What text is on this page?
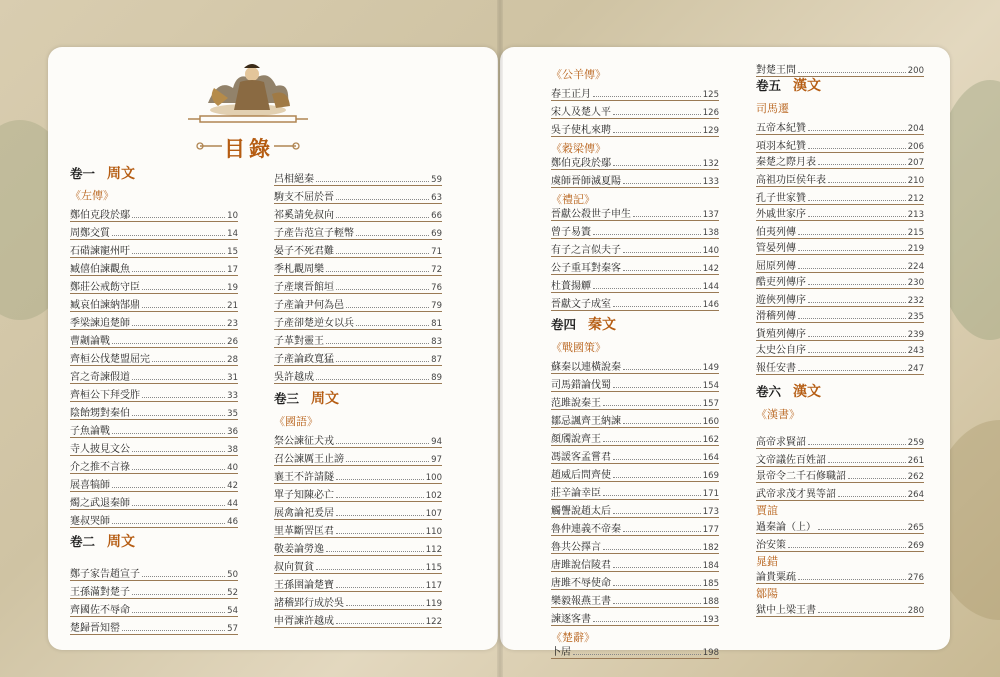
目錄
卷一 周文
《左傳》
鄭伯克段於鄢	10
周鄭交質	14
石碏諫寵州吁	15
臧僖伯諫觀魚	17
鄭莊公戒飭守臣	19
臧哀伯諫納郜鼎	21
季梁諫追楚師	23
曹劌論戰	26
齊桓公伐楚盟屈完	28
宮之奇諫假道	31
齊桓公下拜受胙	33
陰飴甥對秦伯	35
子魚論戰	36
寺人披見文公	38
介之推不言祿	40
展喜犒師	42
燭之武退秦師	44
蹇叔哭師	46
卷二 周文
鄭子家告趙宣子	50
王孫滿對楚子	52
齊國佐不辱命	54
楚歸晉知罃	57
呂相絕秦	59
駒支不屈於晉	63
祁奚請免叔向	66
子產告范宣子輕幣	69
晏子不死君難	71
季札觀周樂	72
子產壞晉館垣	76
子產論尹何為邑	79
子產卻楚逆女以兵	81
子革對靈王	83
子產論政寬猛	87
吳許越成	89
卷三 周文
《國語》
祭公諫征犬戎	94
召公諫厲王止謗	97
襄王不許請隧	100
單子知陳必亡	102
展禽論祀爰居	107
里革斷罟匡君	110
敬姜論勞逸	112
叔向賀貧	115
王孫圉論楚寶	117
諸稽郢行成於吳	119
申胥諫許越成	122
《公羊傳》
春王正月	125
宋人及楚人平	126
吳子使札來聘	129
《穀梁傳》
鄭伯克段於鄢	132
虞師晉師滅夏陽	133
《禮記》
晉獻公殺世子申生	137
曾子易簀	138
有子之言似夫子	140
公子重耳對秦客	142
杜蕢揚觶	144
晉獻文子成室	146
卷四 秦文
《戰國策》
蘇秦以連橫說秦	149
司馬錯論伐蜀	154
范雎說秦王	157
鄒忌諷齊王納諫	160
顏斶說齊王	162
馮諼客孟嘗君	164
趙威后問齊使	169
莊辛論幸臣	171
觸讋說趙太后	173
魯仲連義不帝秦	177
魯共公擇言	182
唐雎說信陵君	184
唐雎不辱使命	185
樂毅報燕王書	188
諫逐客書	193
《楚辭》
卜居	198
對楚王問	200
卷五 漢文
司馬遷
五帝本紀贊	204
項羽本紀贊	206
秦楚之際月表	207
高祖功臣侯年表	210
孔子世家贊	212
外戚世家序	213
伯夷列傳	215
管晏列傳	219
屈原列傳	224
酷吏列傳序	230
遊俠列傳序	232
滑稽列傳	235
貨殖列傳序	239
太史公自序	243
報任安書	247
卷六 漢文
《漢書》
高帝求賢詔	259
文帝議佐百姓詔	261
景帝令二千石修職詔	262
武帝求茂才異等詔	264
賈誼
過秦論（上）	265
治安策	269
晁錯
論貴粟疏	276
鄒陽
獄中上梁王書	280
